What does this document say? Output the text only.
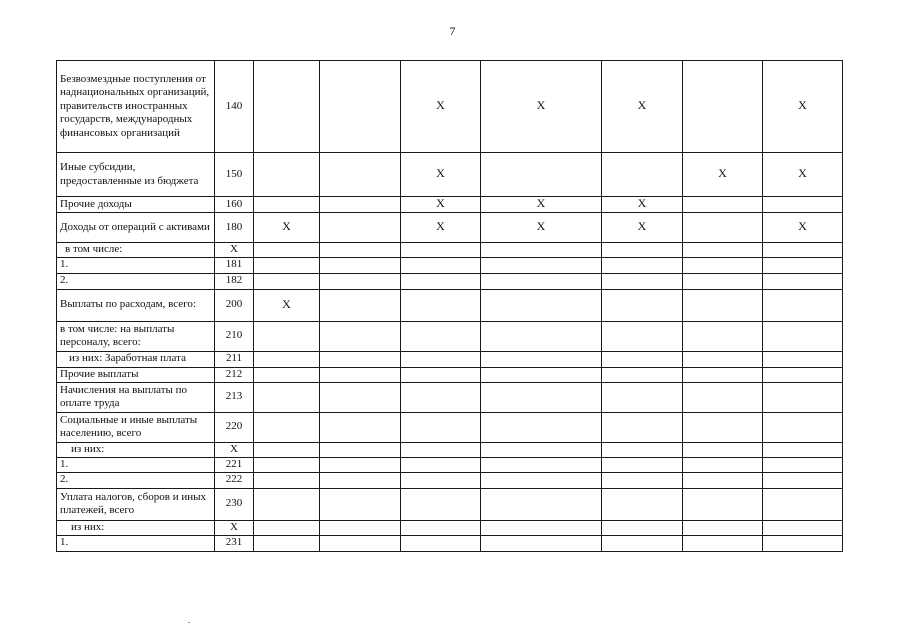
7
Безвозмездные поступления от наднациональных организаций, правительств иностранных государств, международных финансовых организаций	140			X	X	X		X
Иные субсидии, предоставленные из бюджета	150			X			X	X
Прочие доходы	160			X	X	X		
Доходы от операций с активами	180	X		X	X	X		X
в том числе:	X							
1.	181							
2.	182							
Выплаты по расходам, всего:	200	X						
в том числе: на выплаты персоналу, всего:	210							
из них: Заработная плата	211							
Прочие выплаты	212							
Начисления на выплаты по оплате труда	213							
Социальные и иные выплаты населению, всего	220							
из них:	X							
1.	221							
2.	222							
Уплата налогов, сборов и иных платежей, всего	230							
из них:	X							
1.	231							
